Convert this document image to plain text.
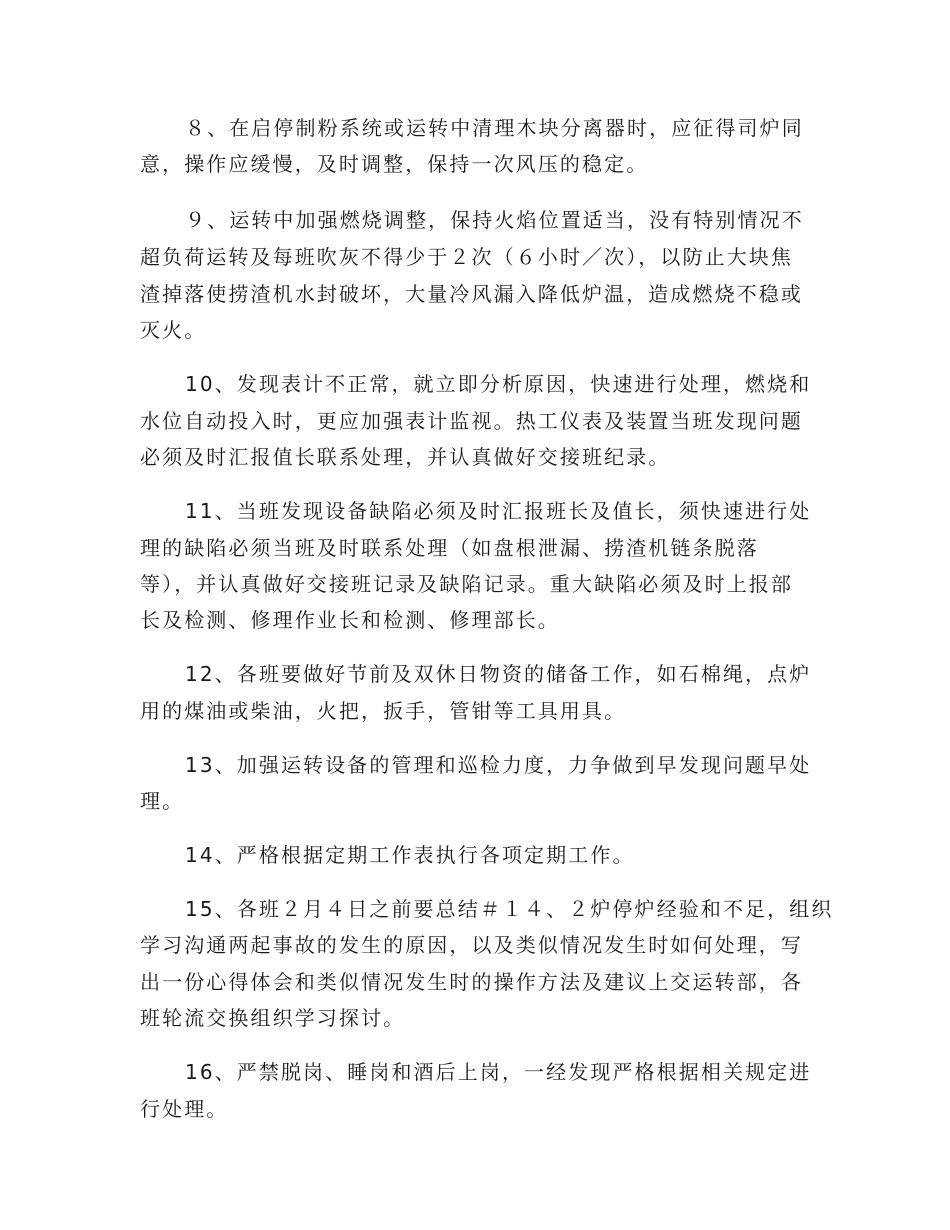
８、在启停制粉系统或运转中清理木块分离器时，应征得司炉同
意，操作应缓慢，及时调整，保持一次风压的稳定。
９、运转中加强燃烧调整，保持火焰位置适当，没有特别情况不
超负荷运转及每班吹灰不得少于２次（６小时／次），以防止大块焦
渣掉落使捞渣机水封破坏，大量冷风漏入降低炉温，造成燃烧不稳或
灭火。
10、发现表计不正常，就立即分析原因，快速进行处理，燃烧和
水位自动投入时，更应加强表计监视。热工仪表及装置当班发现问题
必须及时汇报值长联系处理，并认真做好交接班纪录。
11、当班发现设备缺陷必须及时汇报班长及值长，须快速进行处
理的缺陷必须当班及时联系处理（如盘根泄漏、捞渣机链条脱落
等），并认真做好交接班记录及缺陷记录。重大缺陷必须及时上报部
长及检测、修理作业长和检测、修理部长。
12、各班要做好节前及双休日物资的储备工作，如石棉绳，点炉
用的煤油或柴油，火把，扳手，管钳等工具用具。
13、加强运转设备的管理和巡检力度，力争做到早发现问题早处
理。
14、严格根据定期工作表执行各项定期工作。
15、各班２月４日之前要总结＃１４、２炉停炉经验和不足，组织
学习沟通两起事故的发生的原因，以及类似情况发生时如何处理，写
出一份心得体会和类似情况发生时的操作方法及建议上交运转部，各
班轮流交换组织学习探讨。
16、严禁脱岗、睡岗和酒后上岗，一经发现严格根据相关规定进
行处理。
